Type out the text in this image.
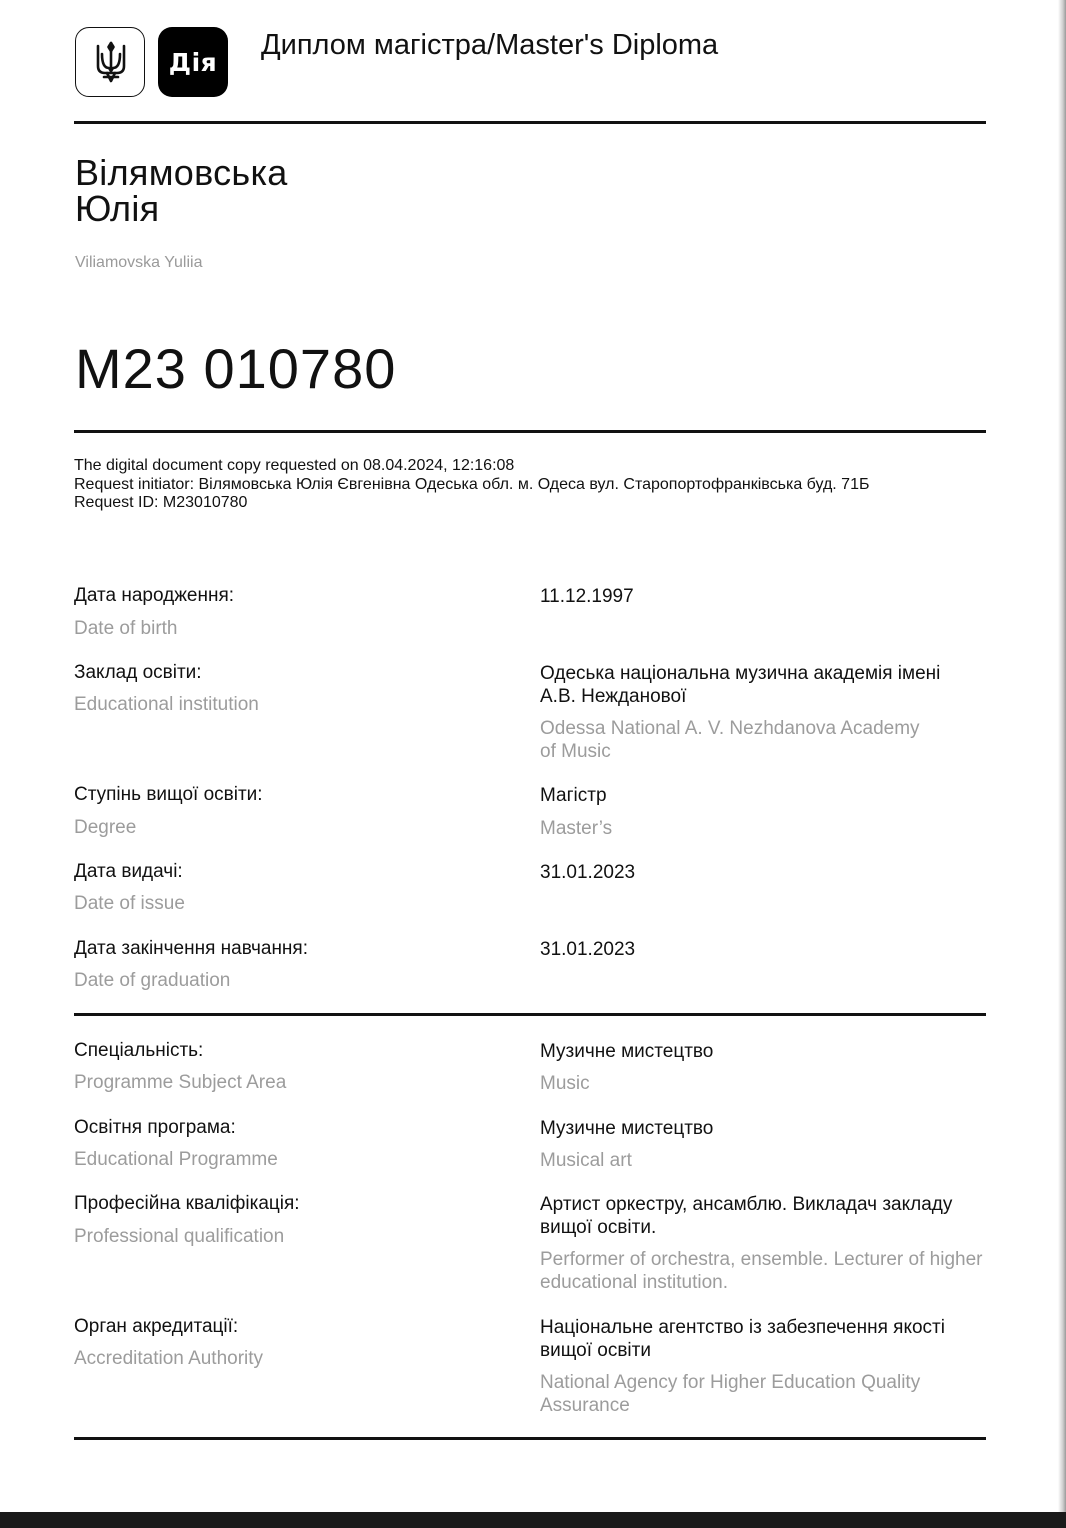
Дія
Диплом магістра/Master's Diploma
Вілямовська
Юлія
Viliamovska Yuliia
M23 010780
The digital document copy requested on 08.04.2024, 12:16:08
Request initiator: Вілямовська Юлія Євгенівна Одеська обл. м. Одеса вул. Старопортофранківська буд. 71Б
Request ID: M23010780
Дата народження:
Date of birth
11.12.1997
Заклад освіти:
Educational institution
Одеська національна музична академія імені А.В. Нежданової
Odessa National A. V. Nezhdanova Academy of Music
Ступінь вищої освіти:
Degree
Магістр
Master’s
Дата видачі:
Date of issue
31.01.2023
Дата закінчення навчання:
Date of graduation
31.01.2023
Спеціальність:
Programme Subject Area
Музичне мистецтво
Music
Освітня програма:
Educational Programme
Музичне мистецтво
Musical art
Професійна кваліфікація:
Professional qualification
Артист оркестру, ансамблю. Викладач закладу вищої освіти.
Performer of orchestra, ensemble. Lecturer of higher educational institution.
Орган акредитації:
Accreditation Authority
Національне агентство із забезпечення якості вищої освіти
National Agency for Higher Education Quality Assurance
